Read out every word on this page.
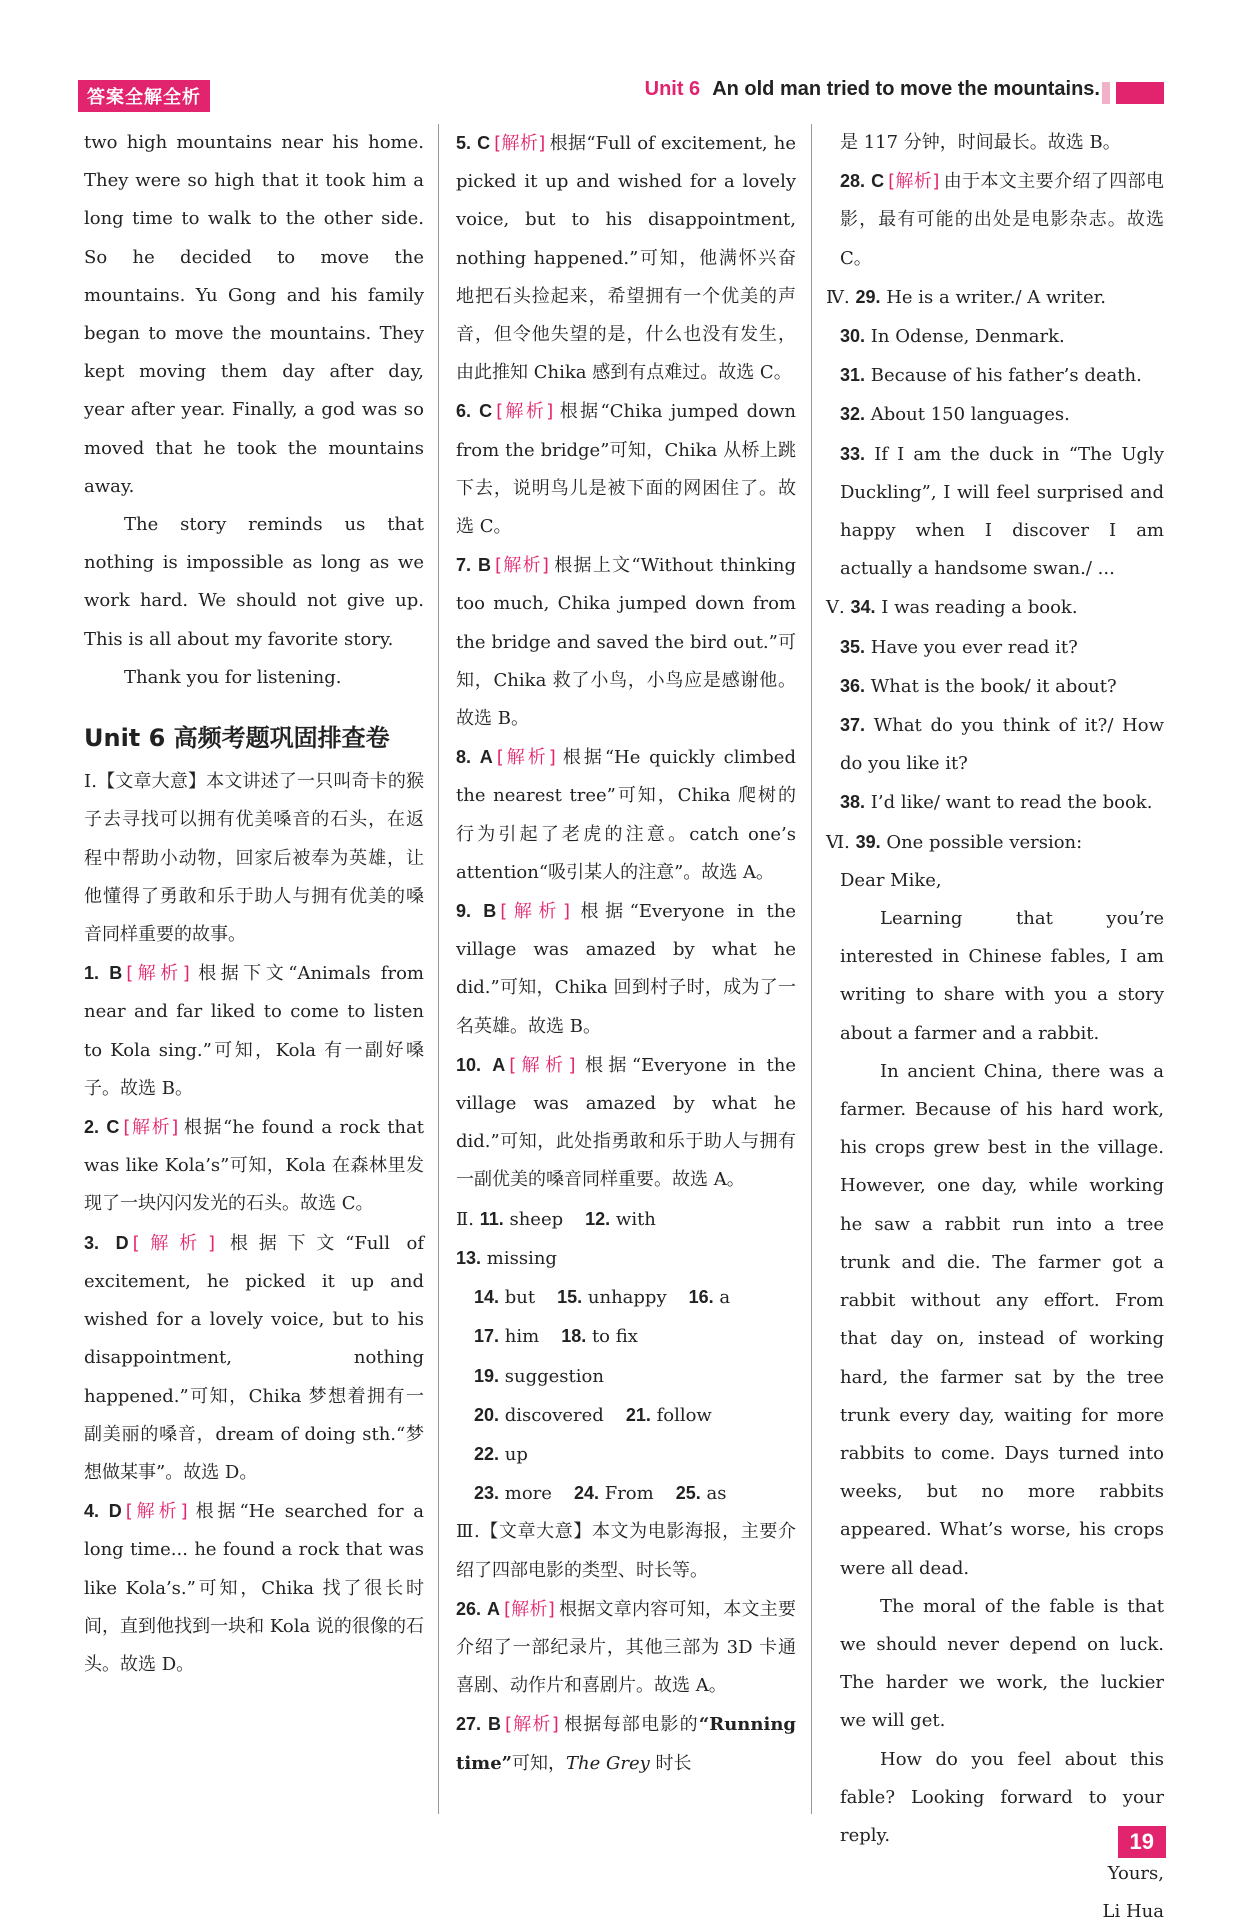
答案全解全析	Unit 6 An old man tried to move the mountains.

two high mountains near his home. They were so high that it took him a long time to walk to the other side. So he decided to move the mountains. Yu Gong and his family began to move the mountains. They kept moving them day after day, year after year. Finally, a god was so moved that he took the mountains away.

The story reminds us that nothing is impossible as long as we work hard. We should not give up. This is all about my favorite story.

Thank you for listening.

Unit 6 高频考题巩固排查卷

Ⅰ.【文章大意】本文讲述了一只叫奇卡的猴子去寻找可以拥有优美嗓音的石头，在返程中帮助小动物，回家后被奉为英雄，让他懂得了勇敢和乐于助人与拥有优美的嗓音同样重要的故事。

1. B [解析] 根据下文“Animals from near and far liked to come to listen to Kola sing.”可知，Kola 有一副好嗓子。故选 B。

2. C [解析] 根据“he found a rock that was like Kola’s”可知，Kola 在森林里发现了一块闪闪发光的石头。故选 C。

3. D [解析] 根据下文“Full of excitement, he picked it up and wished for a lovely voice, but to his disappointment, nothing happened.”可知，Chika 梦想着拥有一副美丽的嗓音，dream of doing sth.“梦想做某事”。故选 D。

4. D [解析] 根据“He searched for a long time... he found a rock that was like Kola’s.”可知，Chika 找了很长时间，直到他找到一块和 Kola 说的很像的石头。故选 D。

5. C [解析] 根据“Full of excitement, he picked it up and wished for a lovely voice, but to his disappointment, nothing happened.”可知，他满怀兴奋地把石头捡起来，希望拥有一个优美的声音，但令他失望的是，什么也没有发生，由此推知 Chika 感到有点难过。故选 C。

6. C [解析] 根据“Chika jumped down from the bridge”可知，Chika 从桥上跳下去，说明鸟儿是被下面的网困住了。故选 C。

7. B [解析] 根据上文“Without thinking too much, Chika jumped down from the bridge and saved the bird out.”可知，Chika 救了小鸟，小鸟应是感谢他。故选 B。

8. A [解析] 根据“He quickly climbed the nearest tree”可知，Chika 爬树的行为引起了老虎的注意。catch one’s attention“吸引某人的注意”。故选 A。

9. B [解析] 根据“Everyone in the village was amazed by what he did.”可知，Chika 回到村子时，成为了一名英雄。故选 B。

10. A [解析] 根据“Everyone in the village was amazed by what he did.”可知，此处指勇敢和乐于助人与拥有一副优美的嗓音同样重要。故选 A。

Ⅱ. 11. sheep 12. with13. missing
14. but 15. unhappy 16. a
17. him 18. to fix19. suggestion
20. discovered 21. follow22. up
23. more 24. From 25. as

Ⅲ.【文章大意】本文为电影海报，主要介绍了四部电影的类型、时长等。

26. A [解析] 根据文章内容可知，本文主要介绍了一部纪录片，其他三部为 3D 卡通喜剧、动作片和喜剧片。故选 A。

27. B [解析] 根据每部电影的“Running time”可知，The Grey 时长

是 117 分钟，时间最长。故选 B。

28. C [解析] 由于本文主要介绍了四部电影，最有可能的出处是电影杂志。故选 C。

Ⅳ. 29. He is a writer./ A writer.

30. In Odense, Denmark.

31. Because of his father’s death.

32. About 150 languages.

33. If I am the duck in “The Ugly Duckling”, I will feel surprised and happy when I discover I am actually a handsome swan./ ...

Ⅴ. 34. I was reading a book.

35. Have you ever read it?

36. What is the book/ it about?

37. What do you think of it?/ How do you like it?

38. I’d like/ want to read the book.

Ⅵ. 39. One possible version:

Dear Mike,

Learning that you’re interested in Chinese fables, I am writing to share with you a story about a farmer and a rabbit.

In ancient China, there was a farmer. Because of his hard work, his crops grew best in the village. However, one day, while working he saw a rabbit run into a tree trunk and die. The farmer got a rabbit without any effort. From that day on, instead of working hard, the farmer sat by the tree trunk every day, waiting for more rabbits to come. Days turned into weeks, but no more rabbits appeared. What’s worse, his crops were all dead.

The moral of the fable is that we should never depend on luck. The harder we work, the luckier we will get.

How do you feel about this fable? Looking forward to your reply.

Yours,

Li Hua

19
